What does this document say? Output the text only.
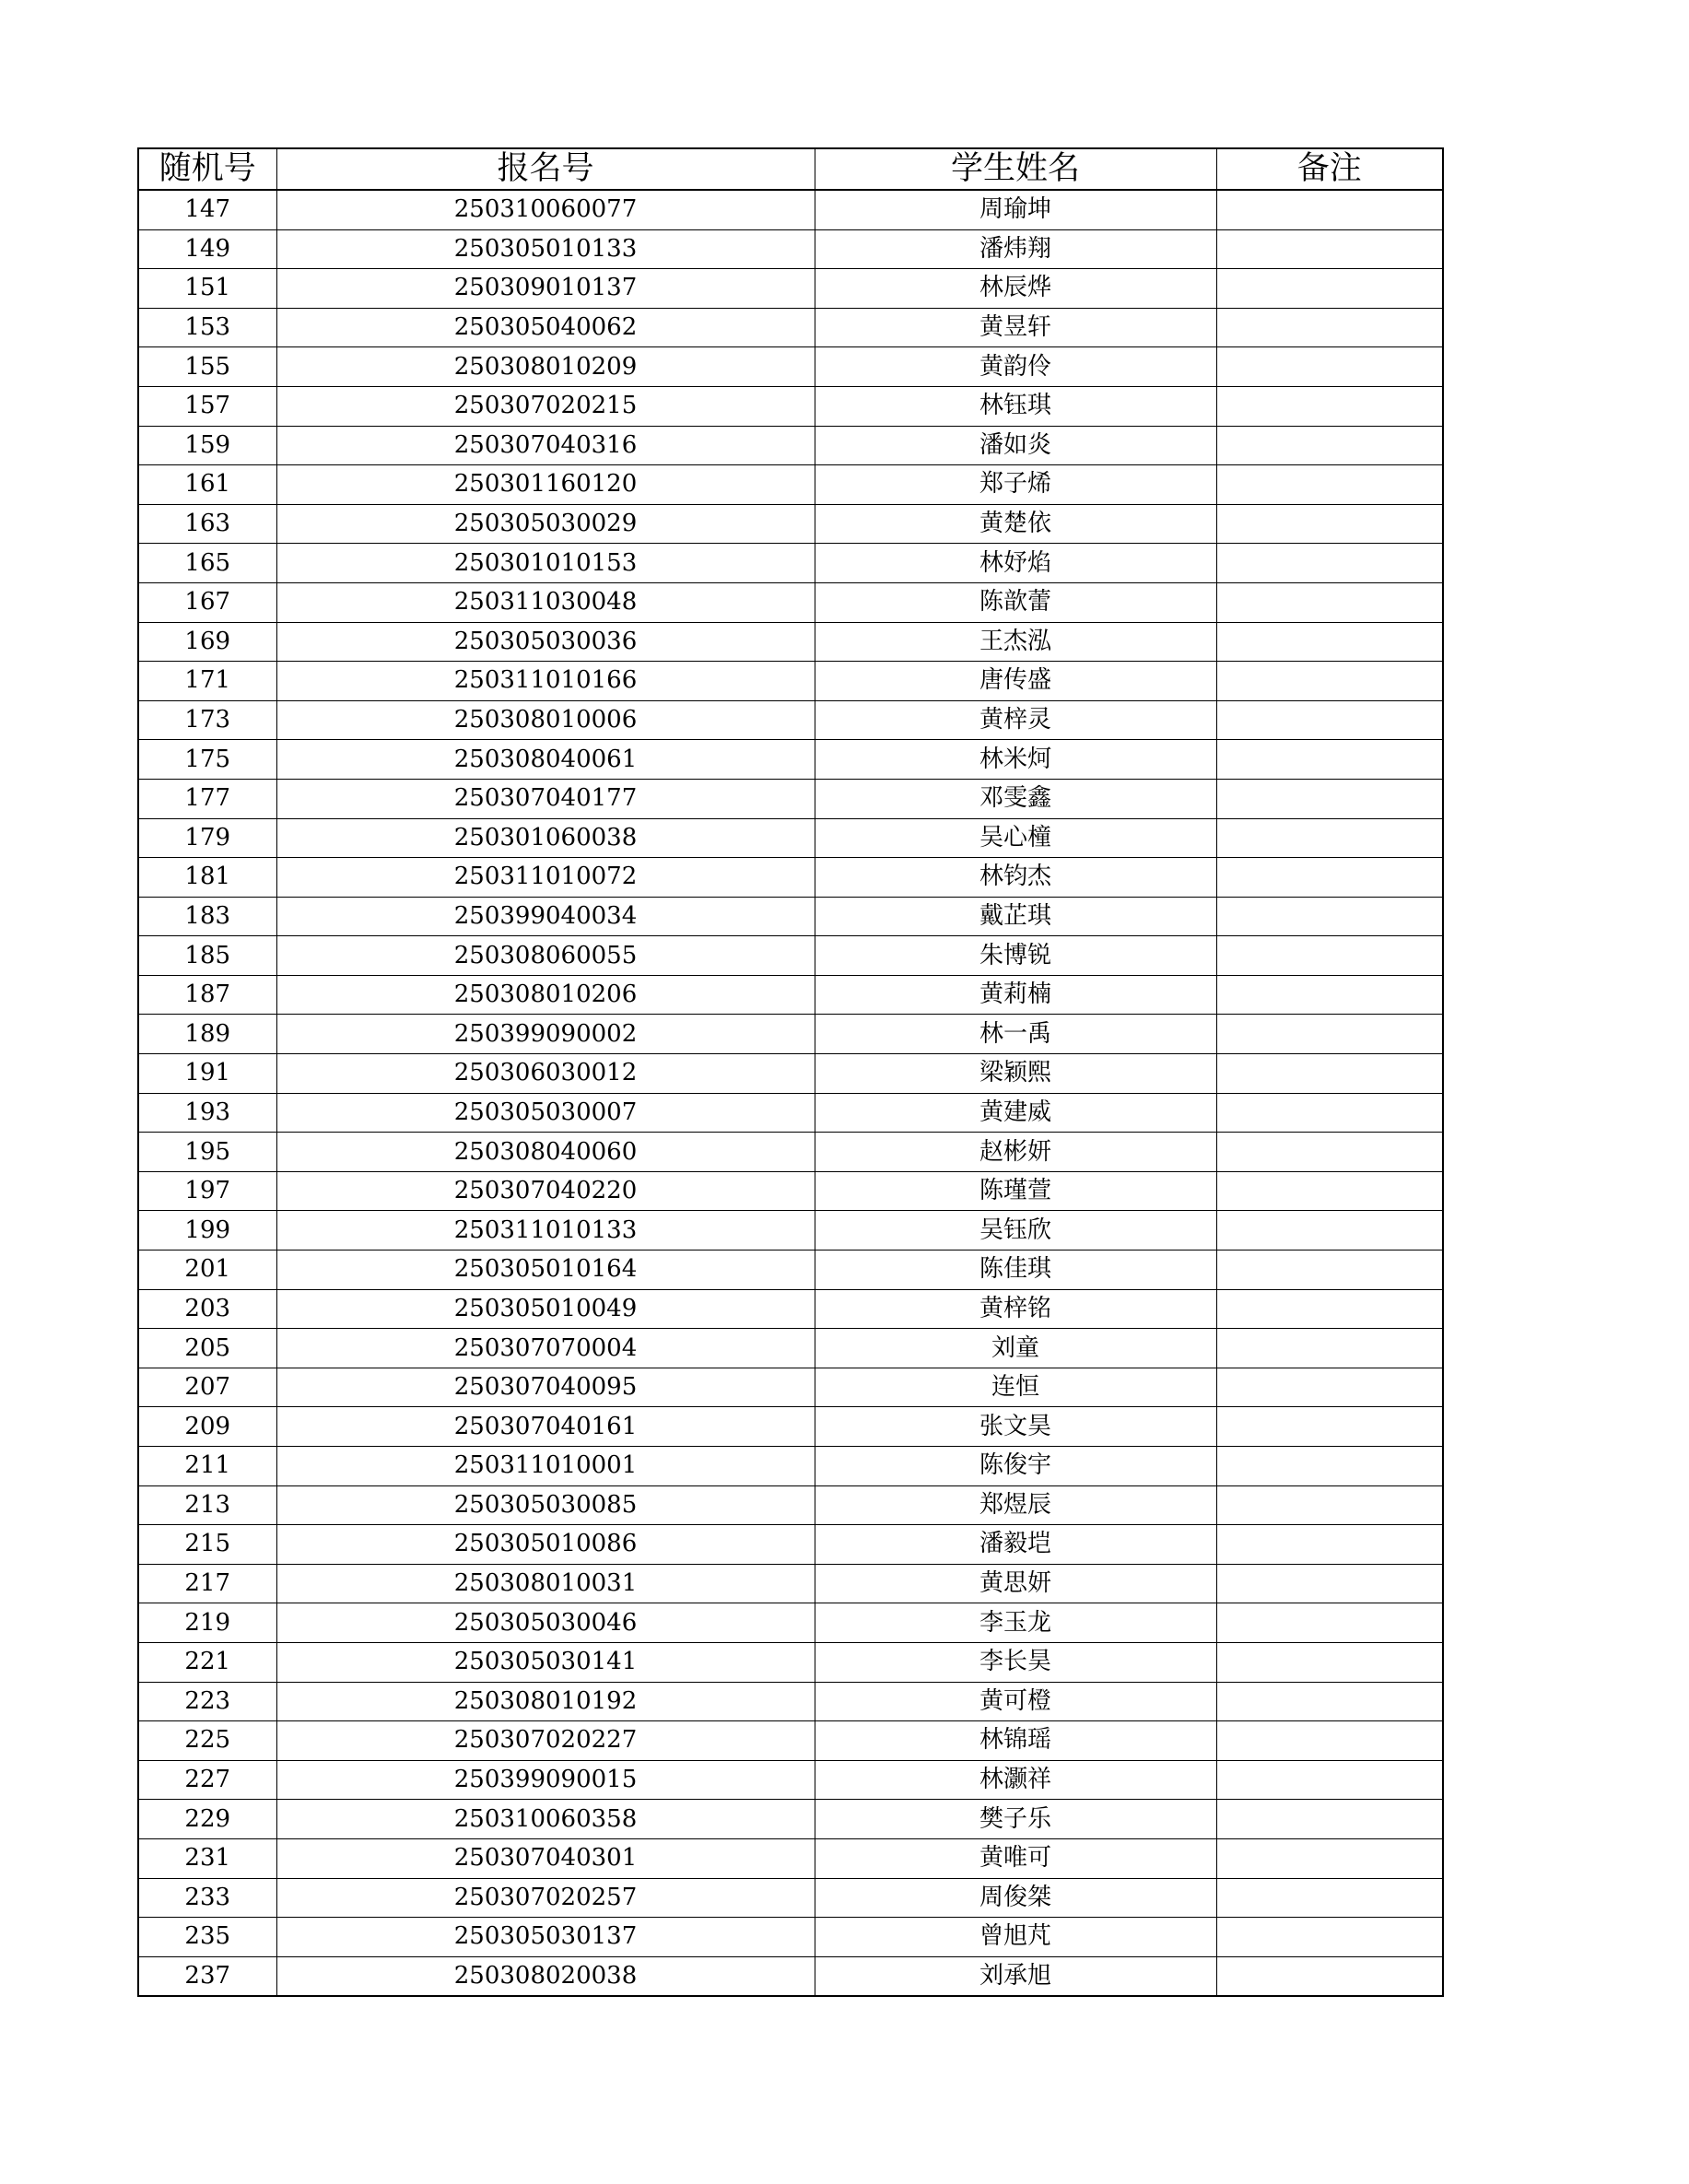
随机号	报名号	学生姓名	备注
147	250310060077	周瑜坤	
149	250305010133	潘炜翔	
151	250309010137	林辰烨	
153	250305040062	黄昱轩	
155	250308010209	黄韵伶	
157	250307020215	林钰琪	
159	250307040316	潘如炎	
161	250301160120	郑子烯	
163	250305030029	黄楚依	
165	250301010153	林妤焰	
167	250311030048	陈歆蕾	
169	250305030036	王杰泓	
171	250311010166	唐传盛	
173	250308010006	黄梓灵	
175	250308040061	林米炣	
177	250307040177	邓雯鑫	
179	250301060038	吴心橦	
181	250311010072	林钧杰	
183	250399040034	戴芷琪	
185	250308060055	朱博锐	
187	250308010206	黄莉楠	
189	250399090002	林一禹	
191	250306030012	梁颖熙	
193	250305030007	黄建威	
195	250308040060	赵彬妍	
197	250307040220	陈瑾萱	
199	250311010133	吴钰欣	
201	250305010164	陈佳琪	
203	250305010049	黄梓铭	
205	250307070004	刘童	
207	250307040095	连恒	
209	250307040161	张文昊	
211	250311010001	陈俊宇	
213	250305030085	郑煜辰	
215	250305010086	潘毅垲	
217	250308010031	黄思妍	
219	250305030046	李玉龙	
221	250305030141	李长昊	
223	250308010192	黄可橙	
225	250307020227	林锦瑶	
227	250399090015	林灏祥	
229	250310060358	樊子乐	
231	250307040301	黄唯可	
233	250307020257	周俊桀	
235	250305030137	曾旭芃	
237	250308020038	刘承旭	
